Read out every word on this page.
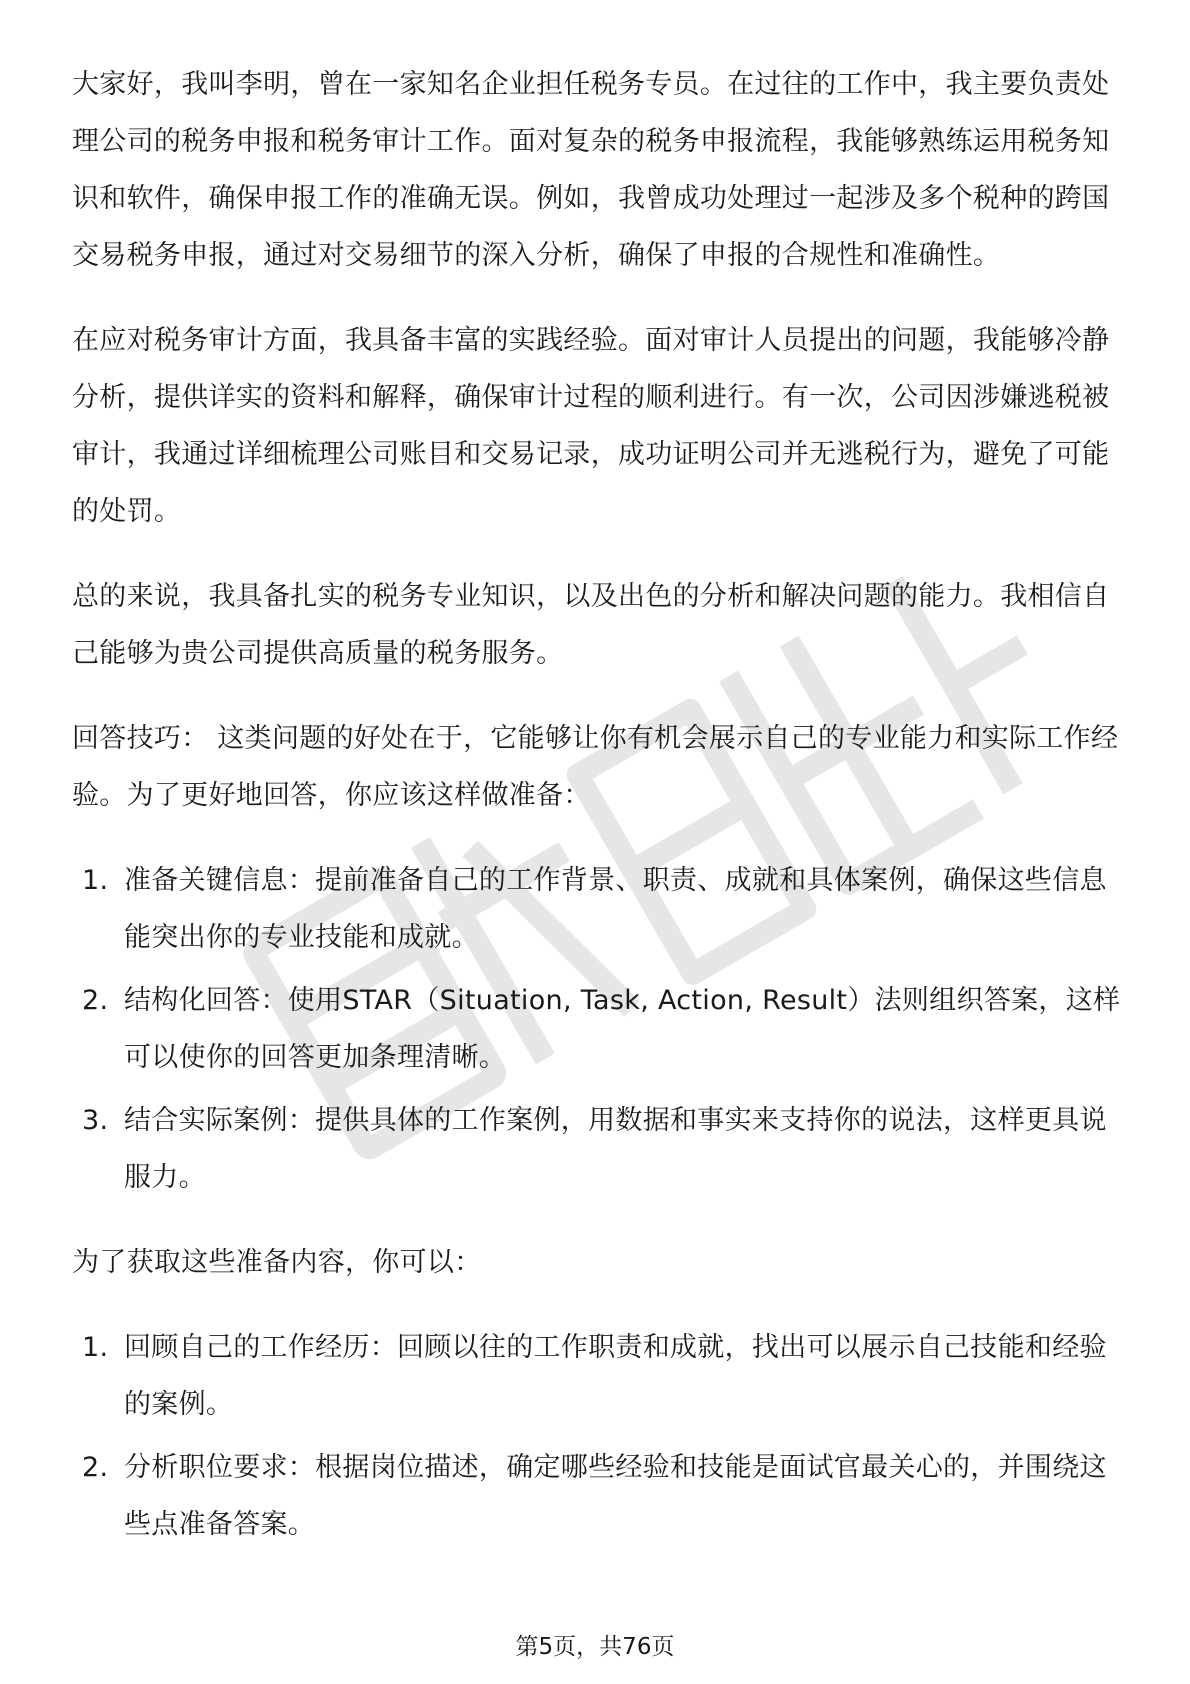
大家好，我叫李明，曾在一家知名企业担任税务专员。在过往的工作中，我主要负责处理公司的税务申报和税务审计工作。面对复杂的税务申报流程，我能够熟练运用税务知识和软件，确保申报工作的准确无误。例如，我曾成功处理过一起涉及多个税种的跨国交易税务申报，通过对交易细节的深入分析，确保了申报的合规性和准确性。

在应对税务审计方面，我具备丰富的实践经验。面对审计人员提出的问题，我能够冷静分析，提供详实的资料和解释，确保审计过程的顺利进行。有一次，公司因涉嫌逃税被审计，我通过详细梳理公司账目和交易记录，成功证明公司并无逃税行为，避免了可能的处罚。

总的来说，我具备扎实的税务专业知识，以及出色的分析和解决问题的能力。我相信自己能够为贵公司提供高质量的税务服务。

回答技巧： 这类问题的好处在于，它能够让你有机会展示自己的专业能力和实际工作经验。为了更好地回答，你应该这样做准备：

1. 准备关键信息：提前准备自己的工作背景、职责、成就和具体案例，确保这些信息能突出你的专业技能和成就。
2. 结构化回答：使用STAR（Situation, Task, Action, Result）法则组织答案，这样可以使你的回答更加条理清晰。
3. 结合实际案例：提供具体的工作案例，用数据和事实来支持你的说法，这样更具说服力。

为了获取这些准备内容，你可以：

1. 回顾自己的工作经历：回顾以往的工作职责和成就，找出可以展示自己技能和经验的案例。
2. 分析职位要求：根据岗位描述，确定哪些经验和技能是面试官最关心的，并围绕这些点准备答案。
第5页，共76页
